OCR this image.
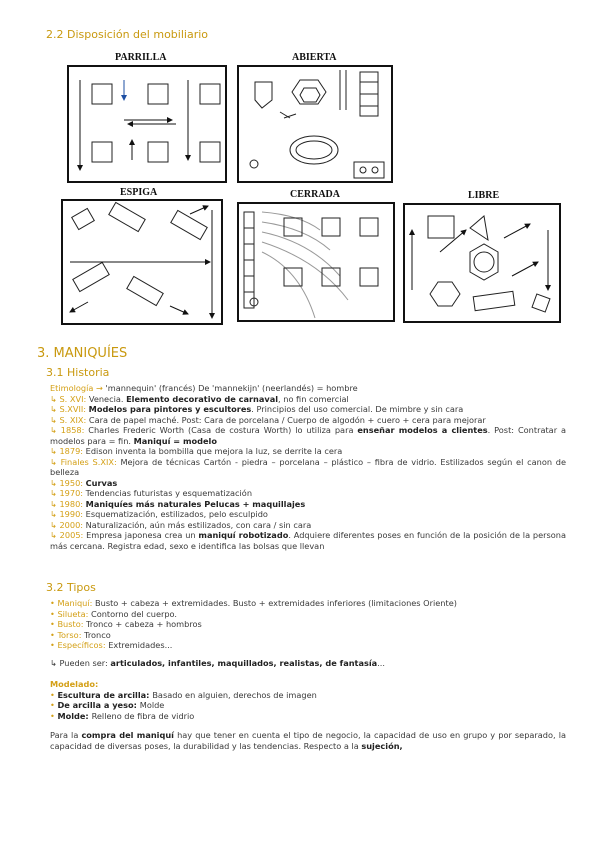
2.2 Disposición del mobiliario
PARRILLA	ABIERTA
ESPIGA	CERRADA	LIBRE
3. MANIQUÍES
3.1 Historia

Etimología → 'mannequin' (francés) De 'mannekijn' (neerlandés) = hombre

↳ S. XVI: Venecia. Elemento decorativo de carnaval, no fin comercial

↳ S.XVII: Modelos para pintores y escultores. Principios del uso comercial. De mimbre y sin cara

↳ S. XIX: Cara de papel maché. Post: Cara de porcelana / Cuerpo de algodón + cuero + cera para mejorar

↳ 1858: Charles Frederic Worth (Casa de costura Worth) lo utiliza para enseñar modelos a clientes. Post: Contratar a modelos para = fin. Maniquí = modelo

↳ 1879: Edison inventa la bombilla que mejora la luz, se derrite la cera

↳ Finales S.XIX: Mejora de técnicas Cartón - piedra – porcelana – plástico – fibra de vidrio. Estilizados según el canon de belleza

↳ 1950: Curvas

↳ 1970: Tendencias futuristas y esquematización

↳ 1980: Maniquíes más naturales Pelucas + maquillajes

↳ 1990: Esquematización, estilizados, pelo esculpido

↳ 2000: Naturalización, aún más estilizados, con cara / sin cara

↳ 2005: Empresa japonesa crea un maniquí robotizado. Adquiere diferentes poses en función de la posición de la persona más cercana. Registra edad, sexo e identifica las bolsas que llevan

3.2 Tipos

• Maniquí: Busto + cabeza + extremidades. Busto + extremidades inferiores (limitaciones Oriente)

• Silueta: Contorno del cuerpo.

• Busto: Tronco + cabeza + hombros

• Torso: Tronco

• Específicos: Extremidades...

↳ Pueden ser: articulados, infantiles, maquillados, realistas, de fantasía...
Modelado:

• Escultura de arcilla: Basado en alguien, derechos de imagen

• De arcilla a yeso: Molde

• Molde: Relleno de fibra de vidrio

Para la compra del maniquí hay que tener en cuenta el tipo de negocio, la capacidad de uso en grupo y por separado, la capacidad de diversas poses, la durabilidad y las tendencias. Respecto a la sujeción,
